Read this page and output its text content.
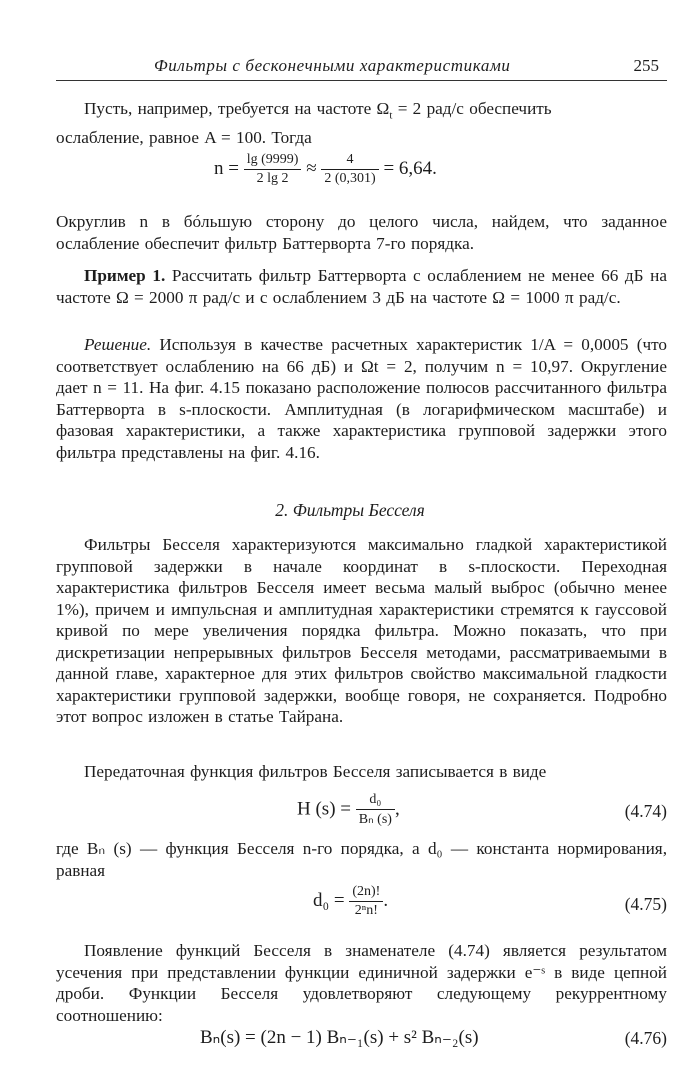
Фильтры с бесконечными характеристиками	255
Пусть, например, требуется на частоте $\Omega_t = 2$ рад/с обеспечить
ослабление, равное A = 100. Тогда
$n = \frac{\lg (9999)}{2 \lg 2} \approx \frac{4}{2 (0,301)} = 6,64$.
Округлив n в бóльшую сторону до целого числа, найдем, что заданное ослабление обеспечит фильтр Баттерворта 7-го порядка.
Пример 1. Рассчитать фильтр Баттерворта с ослаблением не менее 66 дБ на частоте Ω = 2000 π рад/с и с ослаблением 3 дБ на частоте Ω = 1000 π рад/с.
Решение. Используя в качестве расчетных характеристик 1/A = 0,0005 (что соответствует ослаблению на 66 дБ) и Ωt = 2, получим n = 10,97. Округление дает n = 11. На фиг. 4.15 показано расположение полюсов рассчитанного фильтра Баттерворта в s-плоскости. Амплитудная (в логарифмическом масштабе) и фазовая характеристики, а также характеристика групповой задержки этого фильтра представлены на фиг. 4.16.
2. Фильтры Бесселя
Фильтры Бесселя характеризуются максимально гладкой характеристикой групповой задержки в начале координат в s-плоскости. Переходная характеристика фильтров Бесселя имеет весьма малый выброс (обычно менее 1%), причем и импульсная и амплитудная характеристики стремятся к гауссовой кривой по мере увеличения порядка фильтра. Можно показать, что при дискретизации непрерывных фильтров Бесселя методами, рассматриваемыми в данной главе, характерное для этих фильтров свойство максимальной гладкости характеристики групповой задержки, вообще говоря, не сохраняется. Подробно этот вопрос изложен в статье Тайрана.
Передаточная функция фильтров Бесселя записывается в виде
H $(s) = \frac{\text{d₀}}{\text{Bₙ (s)}}$ ,	(4.74)
где Bₙ (s) — функция Бесселя n-го порядка, а d₀ — константа нормирования, равная
$d_0 = \frac{(2n)!}{\text{2ⁿn!}}$ .	(4.75)
Появление функций Бесселя в знаменателе (4.74) является результатом усечения при представлении функции единичной задержки e⁻ˢ в виде цепной дроби. Функции Бесселя удовлетворяют следующему рекуррентному соотношению:
Bₙ(s) = (2n − 1) Bₙ₋₁(s) + s² Bₙ₋₂(s)	(4.76)
